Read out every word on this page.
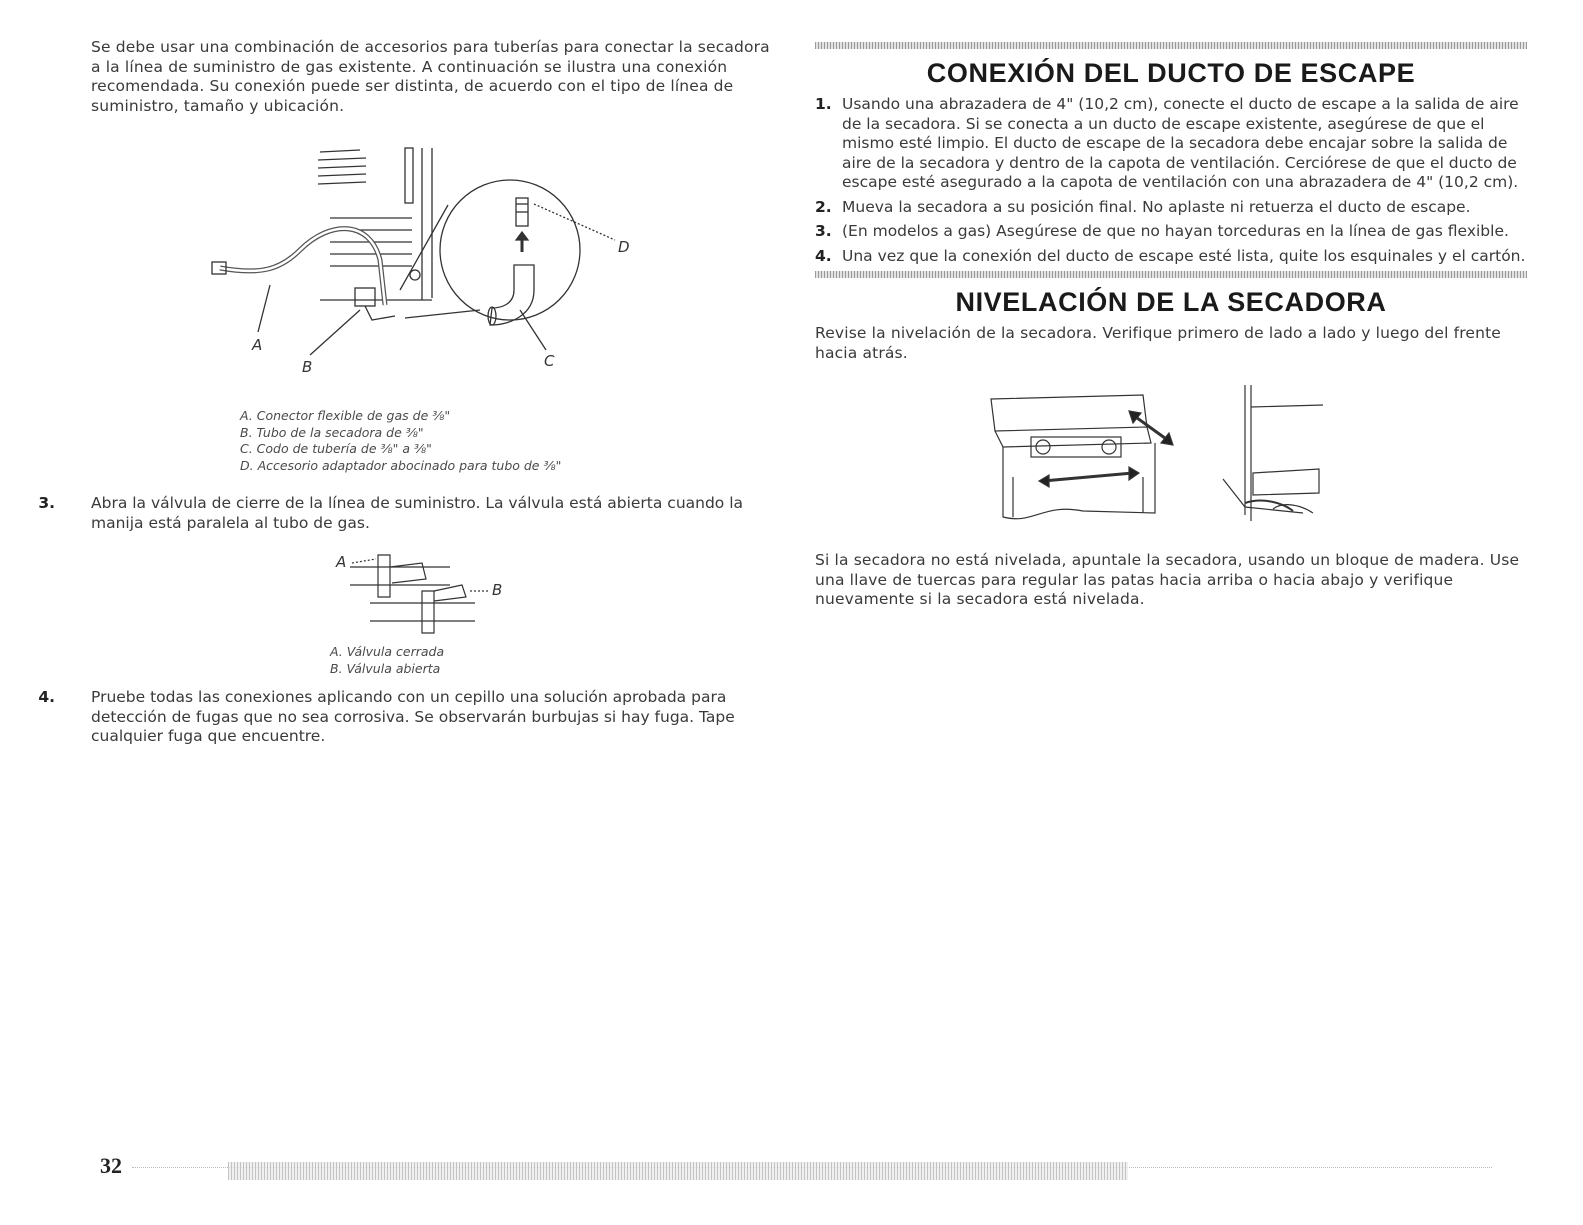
Se debe usar una combinación de accesorios para tuberías para conectar la secadora a la línea de suministro de gas existente. A continuación se ilustra una conexión recomendada. Su conexión puede ser distinta, de acuerdo con el tipo de línea de suministro, tamaño y ubicación.

D
A
B	C
A. Conector flexible de gas de ⅜"
B. Tubo de la secadora de ⅜"
C. Codo de tubería de ⅜" a ⅜"
D. Accesorio adaptador abocinado para tubo de ⅜"
3. Abra la válvula de cierre de la línea de suministro. La válvula está abierta cuando la manija está paralela al tubo de gas.
A
B
A. Válvula cerrada
B. Válvula abierta
4. Pruebe todas las conexiones aplicando con un cepillo una solución aprobada para detección de fugas que no sea corrosiva. Se observarán burbujas si hay fuga. Tape cualquier fuga que encuentre.
CONEXIÓN DEL DUCTO DE ESCAPE
1. Usando una abrazadera de 4" (10,2 cm), conecte el ducto de escape a la salida de aire de la secadora. Si se conecta a un ducto de escape existente, asegúrese de que el mismo esté limpio. El ducto de escape de la secadora debe encajar sobre la salida de aire de la secadora y dentro de la capota de ventilación. Cerciórese de que el ducto de escape esté asegurado a la capota de ventilación con una abrazadera de 4" (10,2 cm).
2. Mueva la secadora a su posición final. No aplaste ni retuerza el ducto de escape.
3. (En modelos a gas) Asegúrese de que no hayan torceduras en la línea de gas flexible.
4. Una vez que la conexión del ducto de escape esté lista, quite los esquinales y el cartón.
NIVELACIÓN DE LA SECADORA

Revise la nivelación de la secadora. Verifique primero de lado a lado y luego del frente hacia atrás.

Si la secadora no está nivelada, apuntale la secadora, usando un bloque de madera. Use una llave de tuercas para regular las patas hacia arriba o hacia abajo y verifique nuevamente si la secadora está nivelada.

32
